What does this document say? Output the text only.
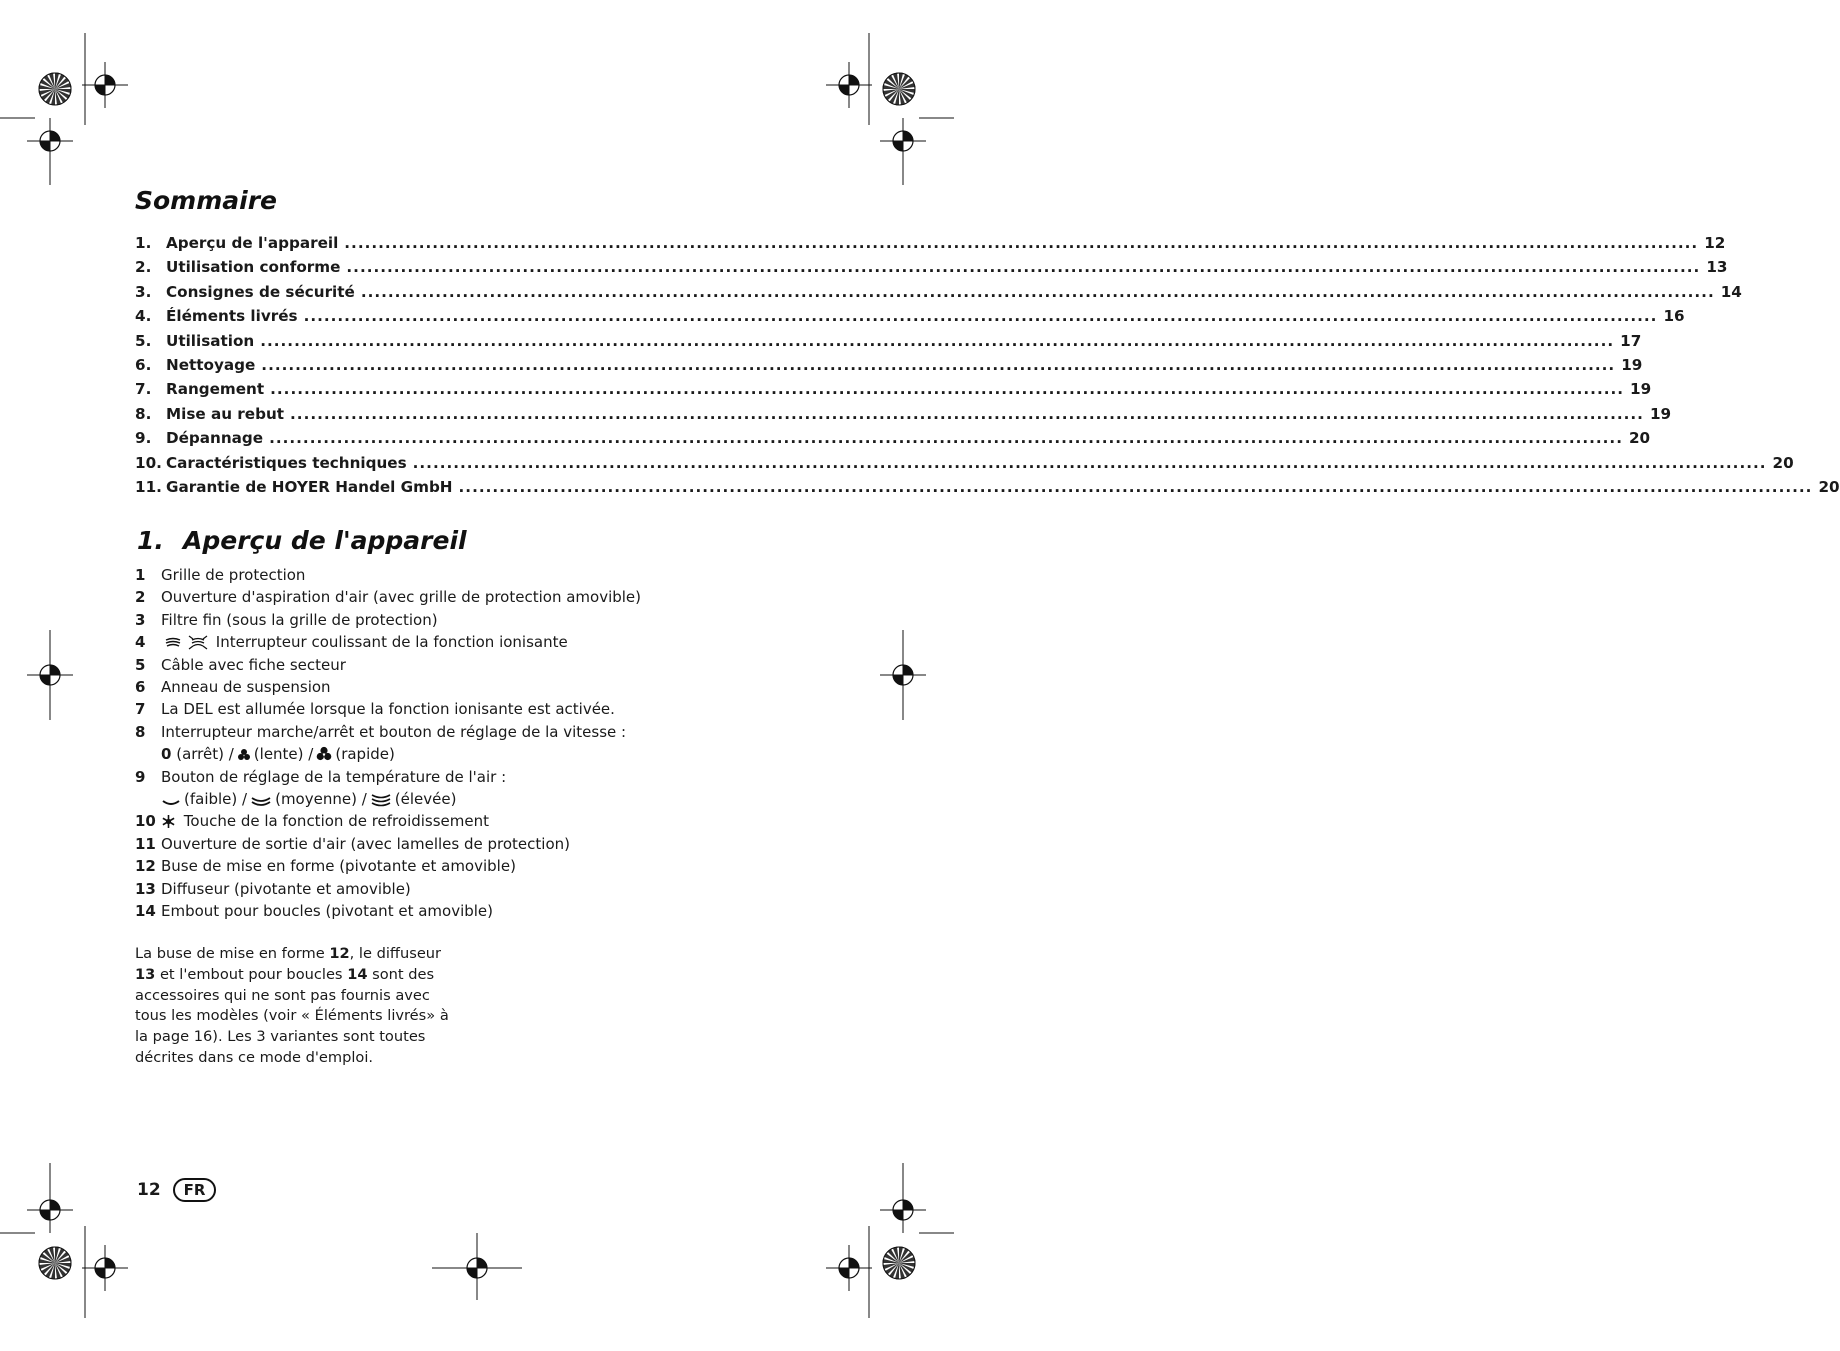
Sommaire
1. Aperçu de l'appareil ........................................................................................................................................................................................................ 12
2. Utilisation conforme ........................................................................................................................................................................................................ 13
3. Consignes de sécurité ........................................................................................................................................................................................................ 14
4. Éléments livrés ........................................................................................................................................................................................................ 16
5. Utilisation ........................................................................................................................................................................................................ 17
6. Nettoyage ........................................................................................................................................................................................................ 19
7. Rangement ........................................................................................................................................................................................................ 19
8. Mise au rebut ........................................................................................................................................................................................................ 19
9. Dépannage ........................................................................................................................................................................................................ 20
10. Caractéristiques techniques ........................................................................................................................................................................................................ 20
11. Garantie de HOYER Handel GmbH ........................................................................................................................................................................................................ 20
1. Aperçu de l'appareil
1	Grille de protection
2	Ouverture d'aspiration d'air (avec grille de protection amovible)
3	Filtre fin (sous la grille de protection)
4	Interrupteur coulissant de la fonction ionisante
5	Câble avec fiche secteur
6	Anneau de suspension
7	La DEL est allumée lorsque la fonction ionisante est activée.
8	Interrupteur marche/arrêt et bouton de réglage de la vitesse :
0 (arrêt) / (lente) / (rapide)
9	Bouton de réglage de la température de l'air :
(faible) / (moyenne) / (élevée)
10	Touche de la fonction de refroidissement
11 Ouverture de sortie d'air (avec lamelles de protection)
12 Buse de mise en forme (pivotante et amovible)
13 Diffuseur (pivotante et amovible)
14 Embout pour boucles (pivotant et amovible)

La buse de mise en forme 12, le diffuseur 13 et l'embout pour boucles 14 sont des accessoires qui ne sont pas fournis avec tous les modèles (voir « Éléments livrés» à la page 16). Les 3 variantes sont toutes décrites dans ce mode d'emploi.

12	FR
